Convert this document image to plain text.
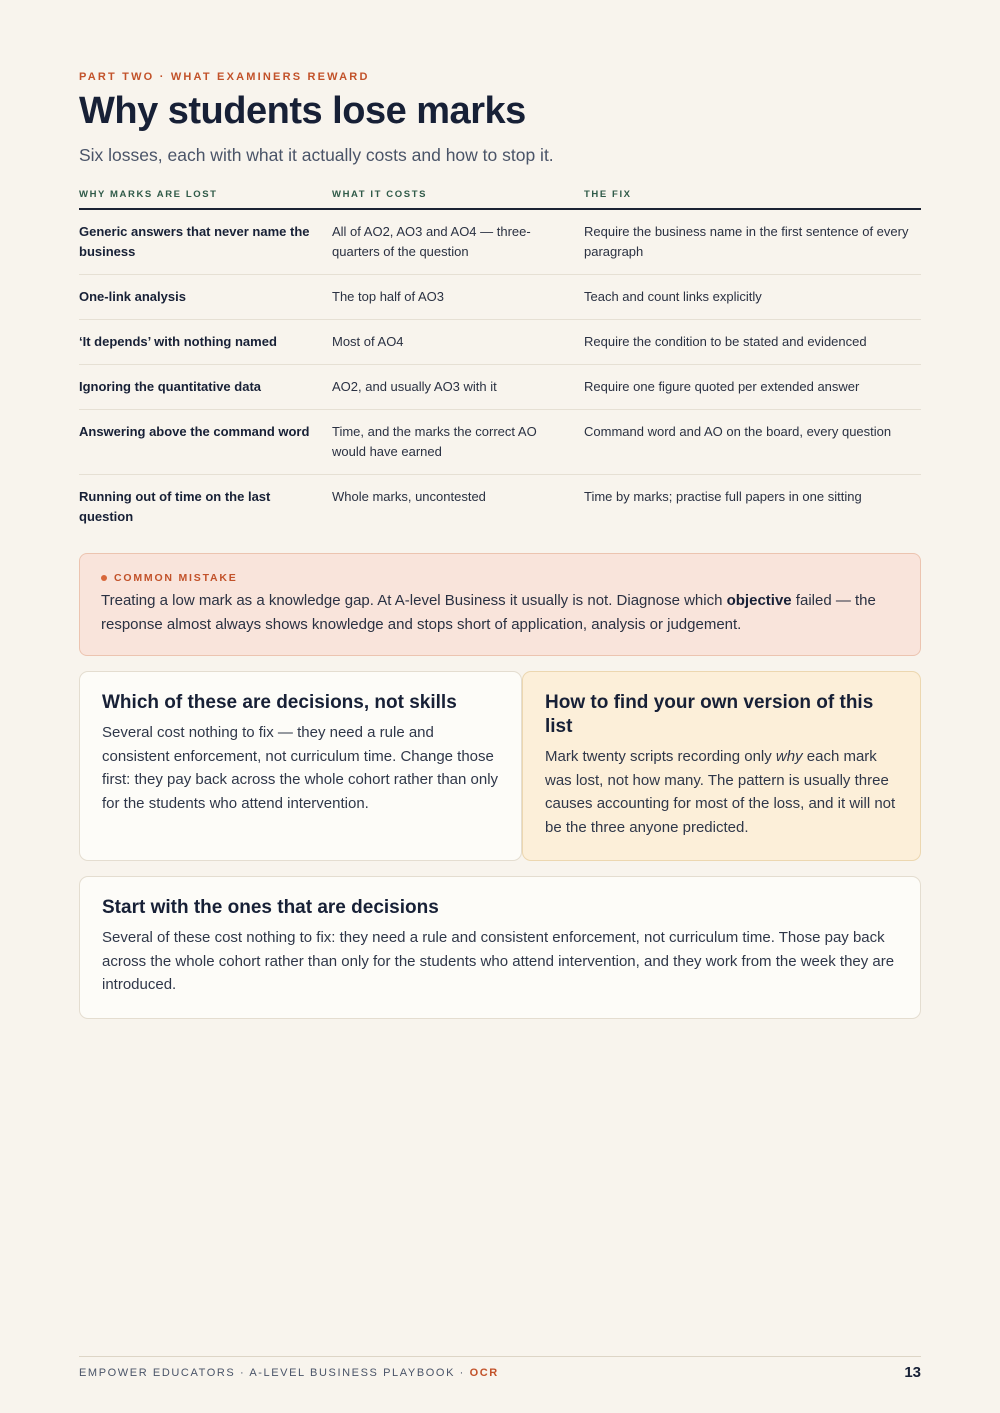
PART TWO · WHAT EXAMINERS REWARD
Why students lose marks
Six losses, each with what it actually costs and how to stop it.
WHY MARKS ARE LOST	WHAT IT COSTS	THE FIX
Generic answers that never name the business	All of AO2, AO3 and AO4 — three-quarters of the question	Require the business name in the first sentence of every paragraph
One-link analysis	The top half of AO3	Teach and count links explicitly
‘It depends’ with nothing named	Most of AO4	Require the condition to be stated and evidenced
Ignoring the quantitative data	AO2, and usually AO3 with it	Require one figure quoted per extended answer
Answering above the command word	Time, and the marks the correct AO would have earned	Command word and AO on the board, every question
Running out of time on the last question	Whole marks, uncontested	Time by marks; practise full papers in one sitting
COMMON MISTAKE

Treating a low mark as a knowledge gap. At A-level Business it usually is not. Diagnose which objective failed — the response almost always shows knowledge and stops short of application, analysis or judgement.

Which of these are decisions, not skills

Several cost nothing to fix — they need a rule and consistent enforcement, not curriculum time. Change those first: they pay back across the whole cohort rather than only for the students who attend intervention.

How to find your own version of this list

Mark twenty scripts recording only why each mark was lost, not how many. The pattern is usually three causes accounting for most of the loss, and it will not be the three anyone predicted.

Start with the ones that are decisions

Several of these cost nothing to fix: they need a rule and consistent enforcement, not curriculum time. Those pay back across the whole cohort rather than only for the students who attend intervention, and they work from the week they are introduced.

EMPOWER EDUCATORS · A-LEVEL BUSINESS PLAYBOOK · OCR	13
